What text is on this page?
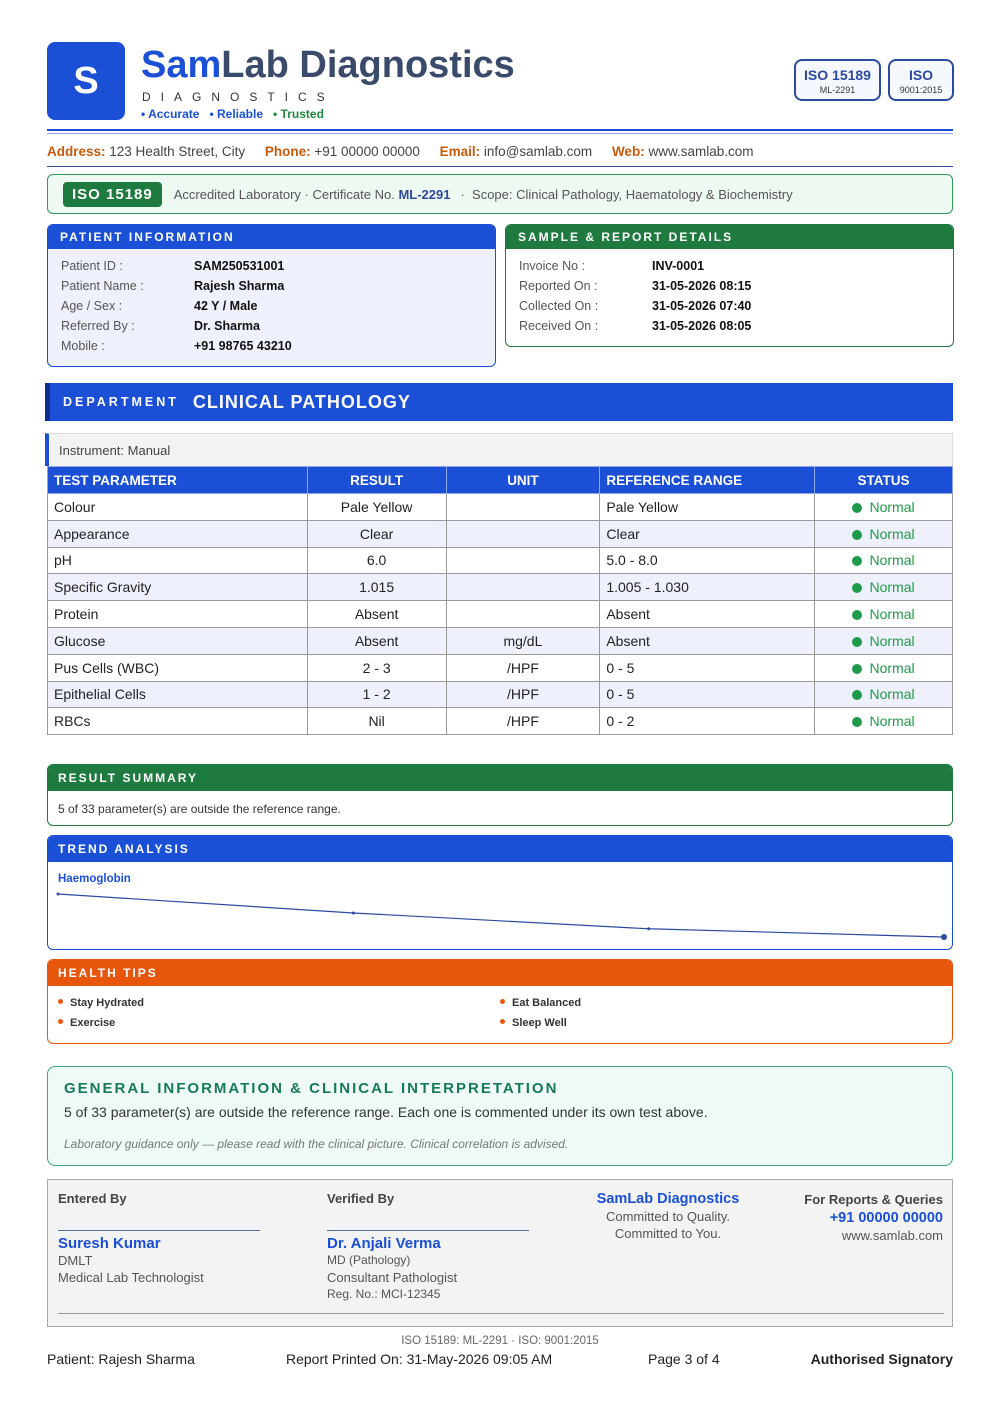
S SamLab Diagnostics
DIAGNOSTICS
• Accurate • Reliable • Trusted
ISO 15189
ML-2291
ISO
9001:2015
Address: 123 Health Street, City Phone: +91 00000 00000 Email: info@samlab.com Web: www.samlab.com
ISO 15189	Accredited Laboratory · Certificate No. ML-2291 ·  Scope: Clinical Pathology, Haematology & Biochemistry
PATIENT INFORMATION
Patient ID :	SAM250531001
Patient Name :	Rajesh Sharma
Age / Sex :	42 Y / Male
Referred By :	Dr. Sharma
Mobile :	+91 98765 43210
SAMPLE & REPORT DETAILS
Invoice No :	INV-0001
Reported On :	31-05-2026 08:15
Collected On :	31-05-2026 07:40
Received On :	31-05-2026 08:05
DEPARTMENT CLINICAL PATHOLOGY
Instrument: Manual
TEST PARAMETER	RESULT	UNIT	REFERENCE RANGE	STATUS
Colour	Pale Yellow		Pale Yellow	Normal
Appearance	Clear		Clear	Normal
pH	6.0		5.0 - 8.0	Normal
Specific Gravity	1.015		1.005 - 1.030	Normal
Protein	Absent		Absent	Normal
Glucose	Absent	mg/dL	Absent	Normal
Pus Cells (WBC)	2 - 3	/HPF	0 - 5	Normal
Epithelial Cells	1 - 2	/HPF	0 - 5	Normal
RBCs	Nil	/HPF	0 - 2	Normal
RESULT SUMMARY
5 of 33 parameter(s) are outside the reference range.
TREND ANALYSIS
Haemoglobin
HEALTH TIPS
Stay Hydrated	Eat Balanced
Exercise	Sleep Well
GENERAL INFORMATION & CLINICAL INTERPRETATION
5 of 33 parameter(s) are outside the reference range. Each one is commented under its own test above.
Laboratory guidance only — please read with the clinical picture. Clinical correlation is advised.
Entered By
Suresh Kumar
DMLT
Medical Lab Technologist
Verified By
Dr. Anjali Verma
MD (Pathology)
Consultant Pathologist
Reg. No.: MCI-12345
SamLab Diagnostics
Committed to Quality.
Committed to You.
For Reports & Queries
+91 00000 00000
www.samlab.com
ISO 15189: ML-2291 · ISO: 9001:2015
Patient: Rajesh Sharma	Report Printed On: 31-May-2026 09:05 AM	Page 3 of 4	Authorised Signatory
